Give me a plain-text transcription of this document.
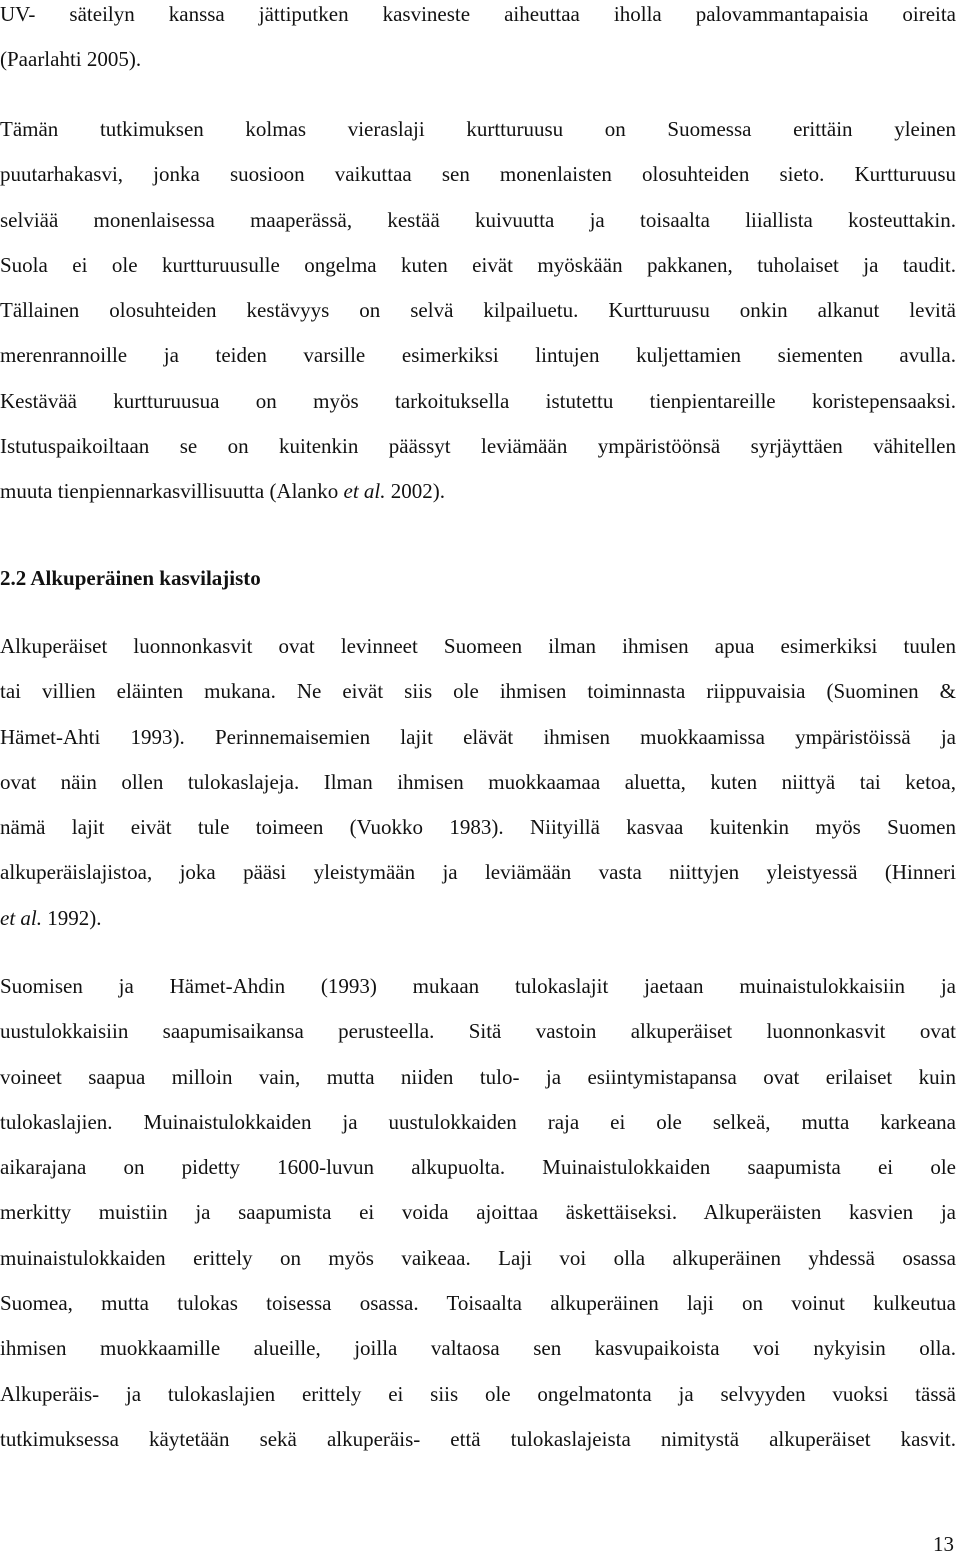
UV- säteilyn kanssa jättiputken kasvineste aiheuttaa iholla palovammantapaisia oireita
(Paarlahti 2005).
Tämän tutkimuksen kolmas vieraslaji kurtturuusu on Suomessa erittäin yleinen
puutarhakasvi, jonka suosioon vaikuttaa sen monenlaisten olosuhteiden sieto. Kurtturuusu
selviää monenlaisessa maaperässä, kestää kuivuutta ja toisaalta liiallista kosteuttakin.
Suola ei ole kurtturuusulle ongelma kuten eivät myöskään pakkanen, tuholaiset ja taudit.
Tällainen olosuhteiden kestävyys on selvä kilpailuetu. Kurtturuusu onkin alkanut levitä
merenrannoille ja teiden varsille esimerkiksi lintujen kuljettamien siementen avulla.
Kestävää kurtturuusua on myös tarkoituksella istutettu tienpientareille koristepensaaksi.
Istutuspaikoiltaan se on kuitenkin päässyt leviämään ympäristöönsä syrjäyttäen vähitellen
muuta tienpiennarkasvillisuutta (Alanko et al. 2002).
2.2 Alkuperäinen kasvilajisto
Alkuperäiset luonnonkasvit ovat levinneet Suomeen ilman ihmisen apua esimerkiksi tuulen
tai villien eläinten mukana. Ne eivät siis ole ihmisen toiminnasta riippuvaisia (Suominen &
Hämet-Ahti 1993). Perinnemaisemien lajit elävät ihmisen muokkaamissa ympäristöissä ja
ovat näin ollen tulokaslajeja. Ilman ihmisen muokkaamaa aluetta, kuten niittyä tai ketoa,
nämä lajit eivät tule toimeen (Vuokko 1983). Niityillä kasvaa kuitenkin myös Suomen
alkuperäislajistoa, joka pääsi yleistymään ja leviämään vasta niittyjen yleistyessä (Hinneri
et al. 1992).
Suomisen ja Hämet-Ahdin (1993) mukaan tulokaslajit jaetaan muinaistulokkaisiin ja
uustulokkaisiin saapumisaikansa perusteella. Sitä vastoin alkuperäiset luonnonkasvit ovat
voineet saapua milloin vain, mutta niiden tulo- ja esiintymistapansa ovat erilaiset kuin
tulokaslajien. Muinaistulokkaiden ja uustulokkaiden raja ei ole selkeä, mutta karkeana
aikarajana on pidetty 1600-luvun alkupuolta. Muinaistulokkaiden saapumista ei ole
merkitty muistiin ja saapumista ei voida ajoittaa äskettäiseksi. Alkuperäisten kasvien ja
muinaistulokkaiden erittely on myös vaikeaa. Laji voi olla alkuperäinen yhdessä osassa
Suomea, mutta tulokas toisessa osassa. Toisaalta alkuperäinen laji on voinut kulkeutua
ihmisen muokkaamille alueille, joilla valtaosa sen kasvupaikoista voi nykyisin olla.
Alkuperäis- ja tulokaslajien erittely ei siis ole ongelmatonta ja selvyyden vuoksi tässä
tutkimuksessa käytetään sekä alkuperäis- että tulokaslajeista nimitystä alkuperäiset kasvit.
13
